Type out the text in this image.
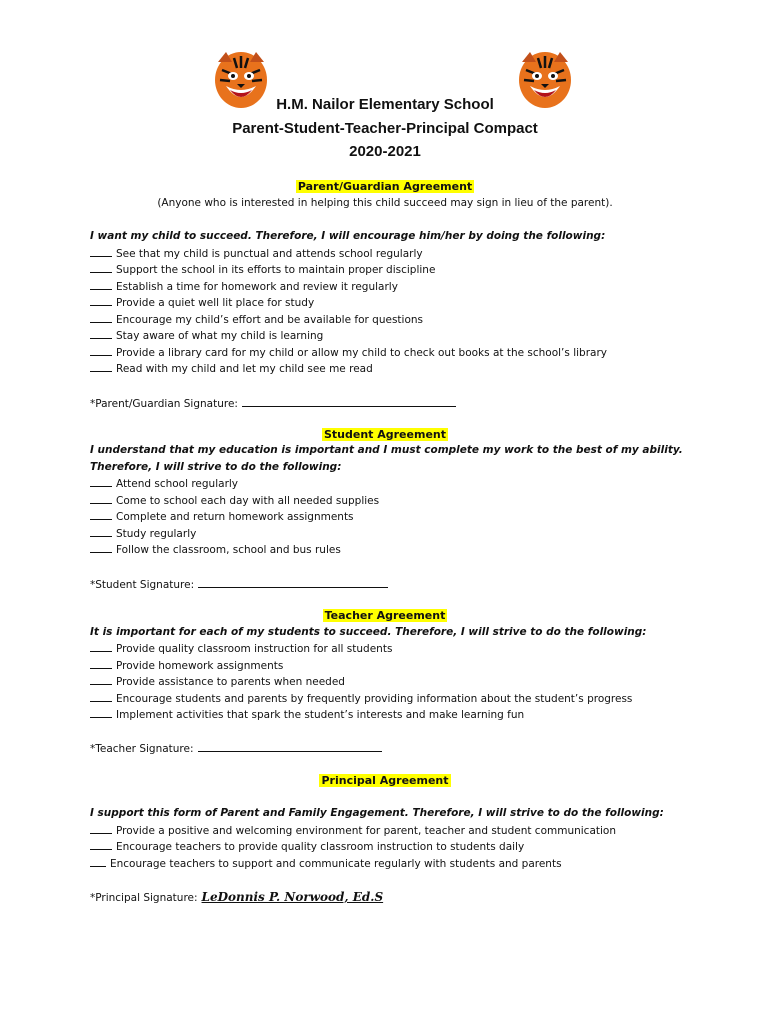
H.M. Nailor Elementary School
Parent-Student-Teacher-Principal Compact
2020-2021
Parent/Guardian Agreement
(Anyone who is interested in helping this child succeed may sign in lieu of the parent).
I want my child to succeed. Therefore, I will encourage him/her by doing the following:
See that my child is punctual and attends school regularly
Support the school in its efforts to maintain proper discipline
Establish a time for homework and review it regularly
Provide a quiet well lit place for study
Encourage my child’s effort and be available for questions
Stay aware of what my child is learning
Provide a library card for my child or allow my child to check out books at the school’s library
Read with my child and let my child see me read
*Parent/Guardian Signature:
Student Agreement
I understand that my education is important and I must complete my work to the best of my ability.
Therefore, I will strive to do the following:
Attend school regularly
Come to school each day with all needed supplies
Complete and return homework assignments
Study regularly
Follow the classroom, school and bus rules
*Student Signature:
Teacher Agreement
It is important for each of my students to succeed. Therefore, I will strive to do the following:
Provide quality classroom instruction for all students
Provide homework assignments
Provide assistance to parents when needed
Encourage students and parents by frequently providing information about the student’s progress
Implement activities that spark the student’s interests and make learning fun
*Teacher Signature:
Principal Agreement
I support this form of Parent and Family Engagement. Therefore, I will strive to do the following:
Provide a positive and welcoming environment for parent, teacher and student communication
Encourage teachers to provide quality classroom instruction to students daily
Encourage teachers to support and communicate regularly with students and parents
*Principal Signature: LeDonnis P. Norwood, Ed.S
